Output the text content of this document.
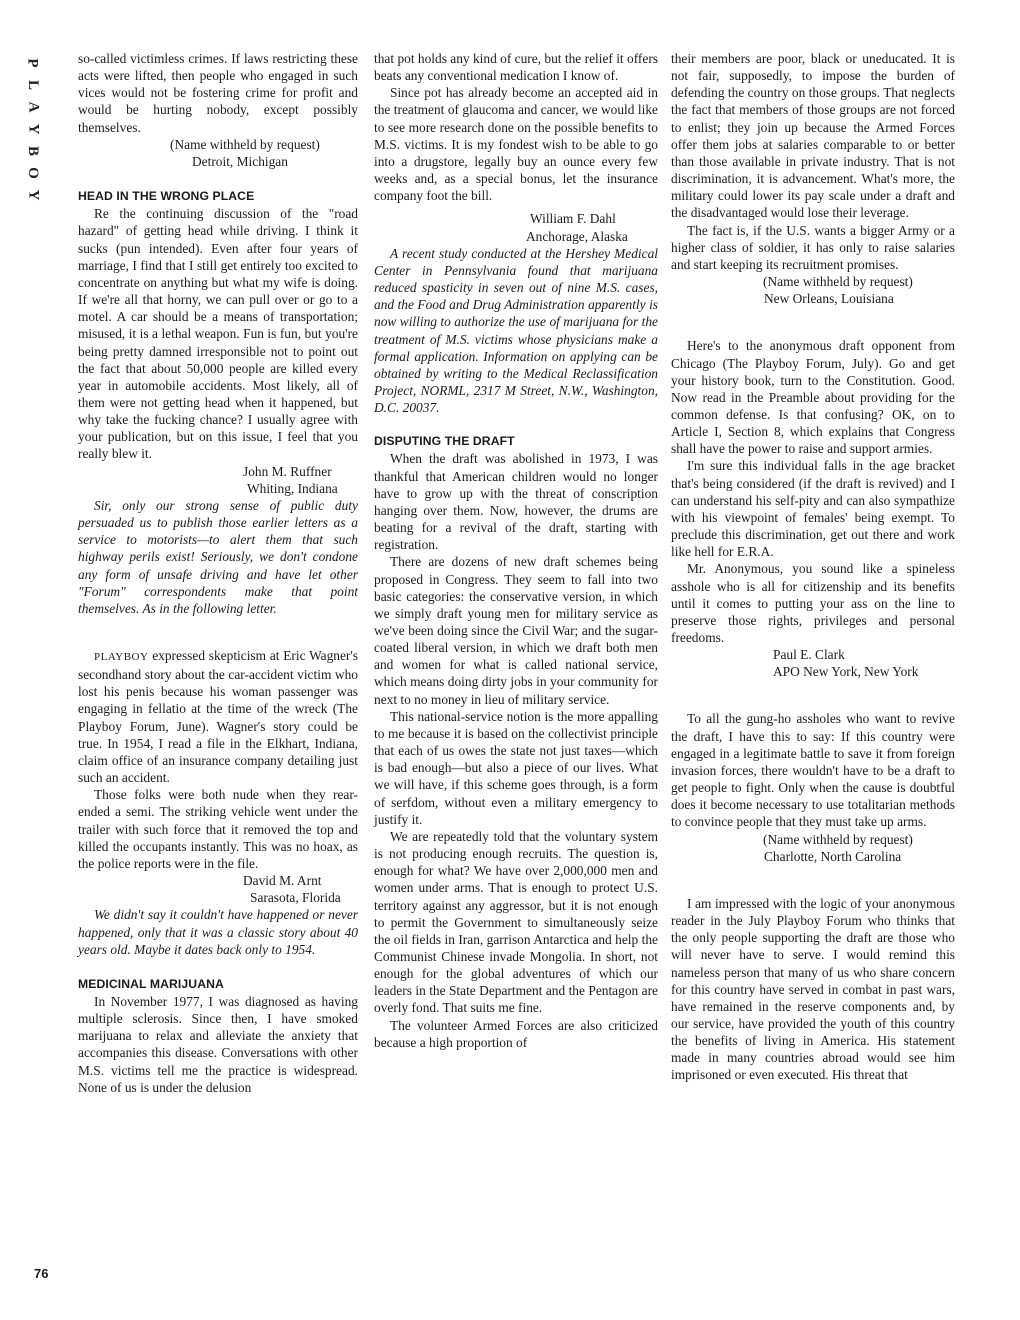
P
L
A
Y
B
O
Y
76

so-called victimless crimes. If laws restricting these acts were lifted, then people who engaged in such vices would not be fostering crime for profit and would be hurting nobody, except possibly themselves.

(Name withheld by request)
Detroit, Michigan
HEAD IN THE WRONG PLACE

Re the continuing discussion of the "road hazard" of getting head while driving. I think it sucks (pun intended). Even after four years of marriage, I find that I still get entirely too excited to concentrate on anything but what my wife is doing. If we're all that horny, we can pull over or go to a motel. A car should be a means of transportation; misused, it is a lethal weapon. Fun is fun, but you're being pretty damned irresponsible not to point out the fact that about 50,000 people are killed every year in automobile accidents. Most likely, all of them were not getting head when it happened, but why take the fucking chance? I usually agree with your publication, but on this issue, I feel that you really blew it.

John M. Ruffner
Whiting, Indiana

Sir, only our strong sense of public duty persuaded us to publish those earlier letters as a service to motorists—to alert them that such highway perils exist! Seriously, we don't condone any form of unsafe driving and have let other "Forum" correspondents make that point themselves. As in the following letter.

PLAYBOY expressed skepticism at Eric Wagner's secondhand story about the car-accident victim who lost his penis because his woman passenger was engaging in fellatio at the time of the wreck (The Playboy Forum, June). Wagner's story could be true. In 1954, I read a file in the Elkhart, Indiana, claim office of an insurance company detailing just such an accident.

Those folks were both nude when they rear-ended a semi. The striking vehicle went under the trailer with such force that it removed the top and killed the occupants instantly. This was no hoax, as the police reports were in the file.

David M. Arnt
Sarasota, Florida

We didn't say it couldn't have happened or never happened, only that it was a classic story about 40 years old. Maybe it dates back only to 1954.

MEDICINAL MARIJUANA

In November 1977, I was diagnosed as having multiple sclerosis. Since then, I have smoked marijuana to relax and alleviate the anxiety that accompanies this disease. Conversations with other M.S. victims tell me the practice is widespread. None of us is under the delusion

that pot holds any kind of cure, but the relief it offers beats any conventional medication I know of.

Since pot has already become an accepted aid in the treatment of glaucoma and cancer, we would like to see more research done on the possible benefits to M.S. victims. It is my fondest wish to be able to go into a drugstore, legally buy an ounce every few weeks and, as a special bonus, let the insurance company foot the bill.

William F. Dahl
Anchorage, Alaska

A recent study conducted at the Hershey Medical Center in Pennsylvania found that marijuana reduced spasticity in seven out of nine M.S. cases, and the Food and Drug Administration apparently is now willing to authorize the use of marijuana for the treatment of M.S. victims whose physicians make a formal application. Information on applying can be obtained by writing to the Medical Reclassification Project, NORML, 2317 M Street, N.W., Washington, D.C. 20037.

DISPUTING THE DRAFT

When the draft was abolished in 1973, I was thankful that American children would no longer have to grow up with the threat of conscription hanging over them. Now, however, the drums are beating for a revival of the draft, starting with registration.

There are dozens of new draft schemes being proposed in Congress. They seem to fall into two basic categories: the conservative version, in which we simply draft young men for military service as we've been doing since the Civil War; and the sugar-coated liberal version, in which we draft both men and women for what is called national service, which means doing dirty jobs in your community for next to no money in lieu of military service.

This national-service notion is the more appalling to me because it is based on the collectivist principle that each of us owes the state not just taxes—which is bad enough—but also a piece of our lives. What we will have, if this scheme goes through, is a form of serfdom, without even a military emergency to justify it.

We are repeatedly told that the voluntary system is not producing enough recruits. The question is, enough for what? We have over 2,000,000 men and women under arms. That is enough to protect U.S. territory against any aggressor, but it is not enough to permit the Government to simultaneously seize the oil fields in Iran, garrison Antarctica and help the Communist Chinese invade Mongolia. In short, not enough for the global adventures of which our leaders in the State Department and the Pentagon are overly fond. That suits me fine.

The volunteer Armed Forces are also criticized because a high proportion of

their members are poor, black or uneducated. It is not fair, supposedly, to impose the burden of defending the country on those groups. That neglects the fact that members of those groups are not forced to enlist; they join up because the Armed Forces offer them jobs at salaries comparable to or better than those available in private industry. That is not discrimination, it is advancement. What's more, the military could lower its pay scale under a draft and the disadvantaged would lose their leverage.

The fact is, if the U.S. wants a bigger Army or a higher class of soldier, it has only to raise salaries and start keeping its recruitment promises.

(Name withheld by request)
New Orleans, Louisiana

Here's to the anonymous draft opponent from Chicago (The Playboy Forum, July). Go and get your history book, turn to the Constitution. Good. Now read in the Preamble about providing for the common defense. Is that confusing? OK, on to Article I, Section 8, which explains that Congress shall have the power to raise and support armies.

I'm sure this individual falls in the age bracket that's being considered (if the draft is revived) and I can understand his self-pity and can also sympathize with his viewpoint of females' being exempt. To preclude this discrimination, get out there and work like hell for E.R.A.

Mr. Anonymous, you sound like a spineless asshole who is all for citizenship and its benefits until it comes to putting your ass on the line to preserve those rights, privileges and personal freedoms.

Paul E. Clark
APO New York, New York

To all the gung-ho assholes who want to revive the draft, I have this to say: If this country were engaged in a legitimate battle to save it from foreign invasion forces, there wouldn't have to be a draft to get people to fight. Only when the cause is doubtful does it become necessary to use totalitarian methods to convince people that they must take up arms.

(Name withheld by request)
Charlotte, North Carolina

I am impressed with the logic of your anonymous reader in the July Playboy Forum who thinks that the only people supporting the draft are those who will never have to serve. I would remind this nameless person that many of us who share concern for this country have served in combat in past wars, have remained in the reserve components and, by our service, have provided the youth of this country the benefits of living in America. His statement made in many countries abroad would see him imprisoned or even executed. His threat that
